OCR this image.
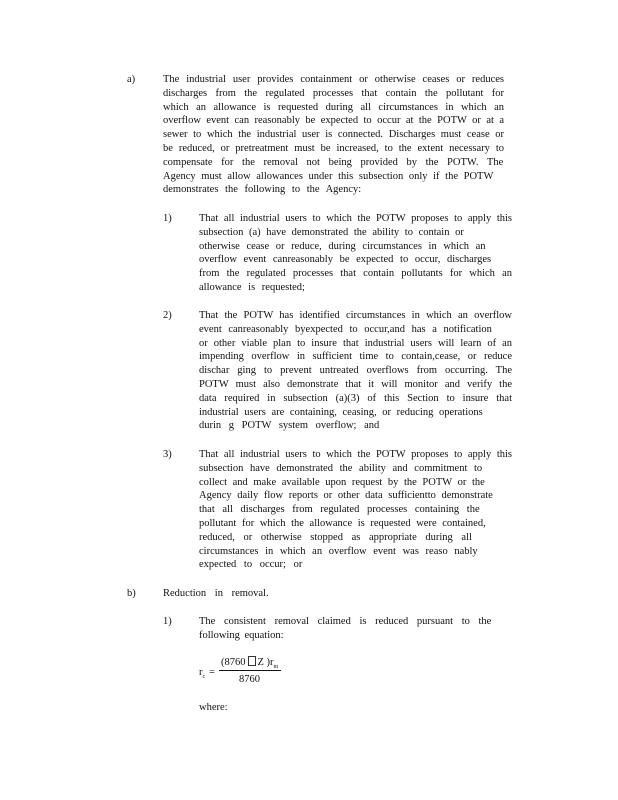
a)	The industrial user provides containment or otherwise ceases or reduces
discharges from the regulated processes that contain the pollutant for
which an allowance is requested during all circumstances in which an
overflow event can reasonably be expected to occur at the POTW or at a
sewer to which the industrial user is connected. Discharges must cease or
be reduced, or pretreatment must be increased, to the extent necessary to
compensate for the removal not being provided by the POTW. The
Agency must allow allowances under this subsection only if the POTW
demonstrates the following to the Agency:
1)	That all industrial users to which the POTW proposes to apply this
subsection (a) have demonstrated the ability to contain or
otherwise cease or reduce, during circumstances in which an
overflow event canreasonably be expected to occur, discharges
from the regulated processes that contain pollutants for which an
allowance is requested;
2)	That the POTW has identified circumstances in which an overflow
event canreasonably byexpected to occur,and has a notification
or other viable plan to insure that industrial users will learn of an
impending overflow in sufficient time to contain,cease, or reduce
dischar ging to prevent untreated overflows from occurring. The
POTW must also demonstrate that it will monitor and verify the
data required in subsection (a)(3) of this Section to insure that
industrial users are containing, ceasing, or reducing operations
durin g POTW system overflow; and
3)	That all industrial users to which the POTW proposes to apply this
subsection have demonstrated the ability and commitment to
collect and make available upon request by the POTW or the
Agency daily flow reports or other data sufficientto demonstrate
that all discharges from regulated processes containing the
pollutant for which the allowance is requested were contained,
reduced, or otherwise stopped as appropriate during all
circumstances in which an overflow event was reaso nably
expected to occur; or
b)	Reduction in removal.
1)	The consistent removal claimed is reduced pursuant to the
following equation:
$r_c$ =
(8760 Z )$r_m$
8760
where:
